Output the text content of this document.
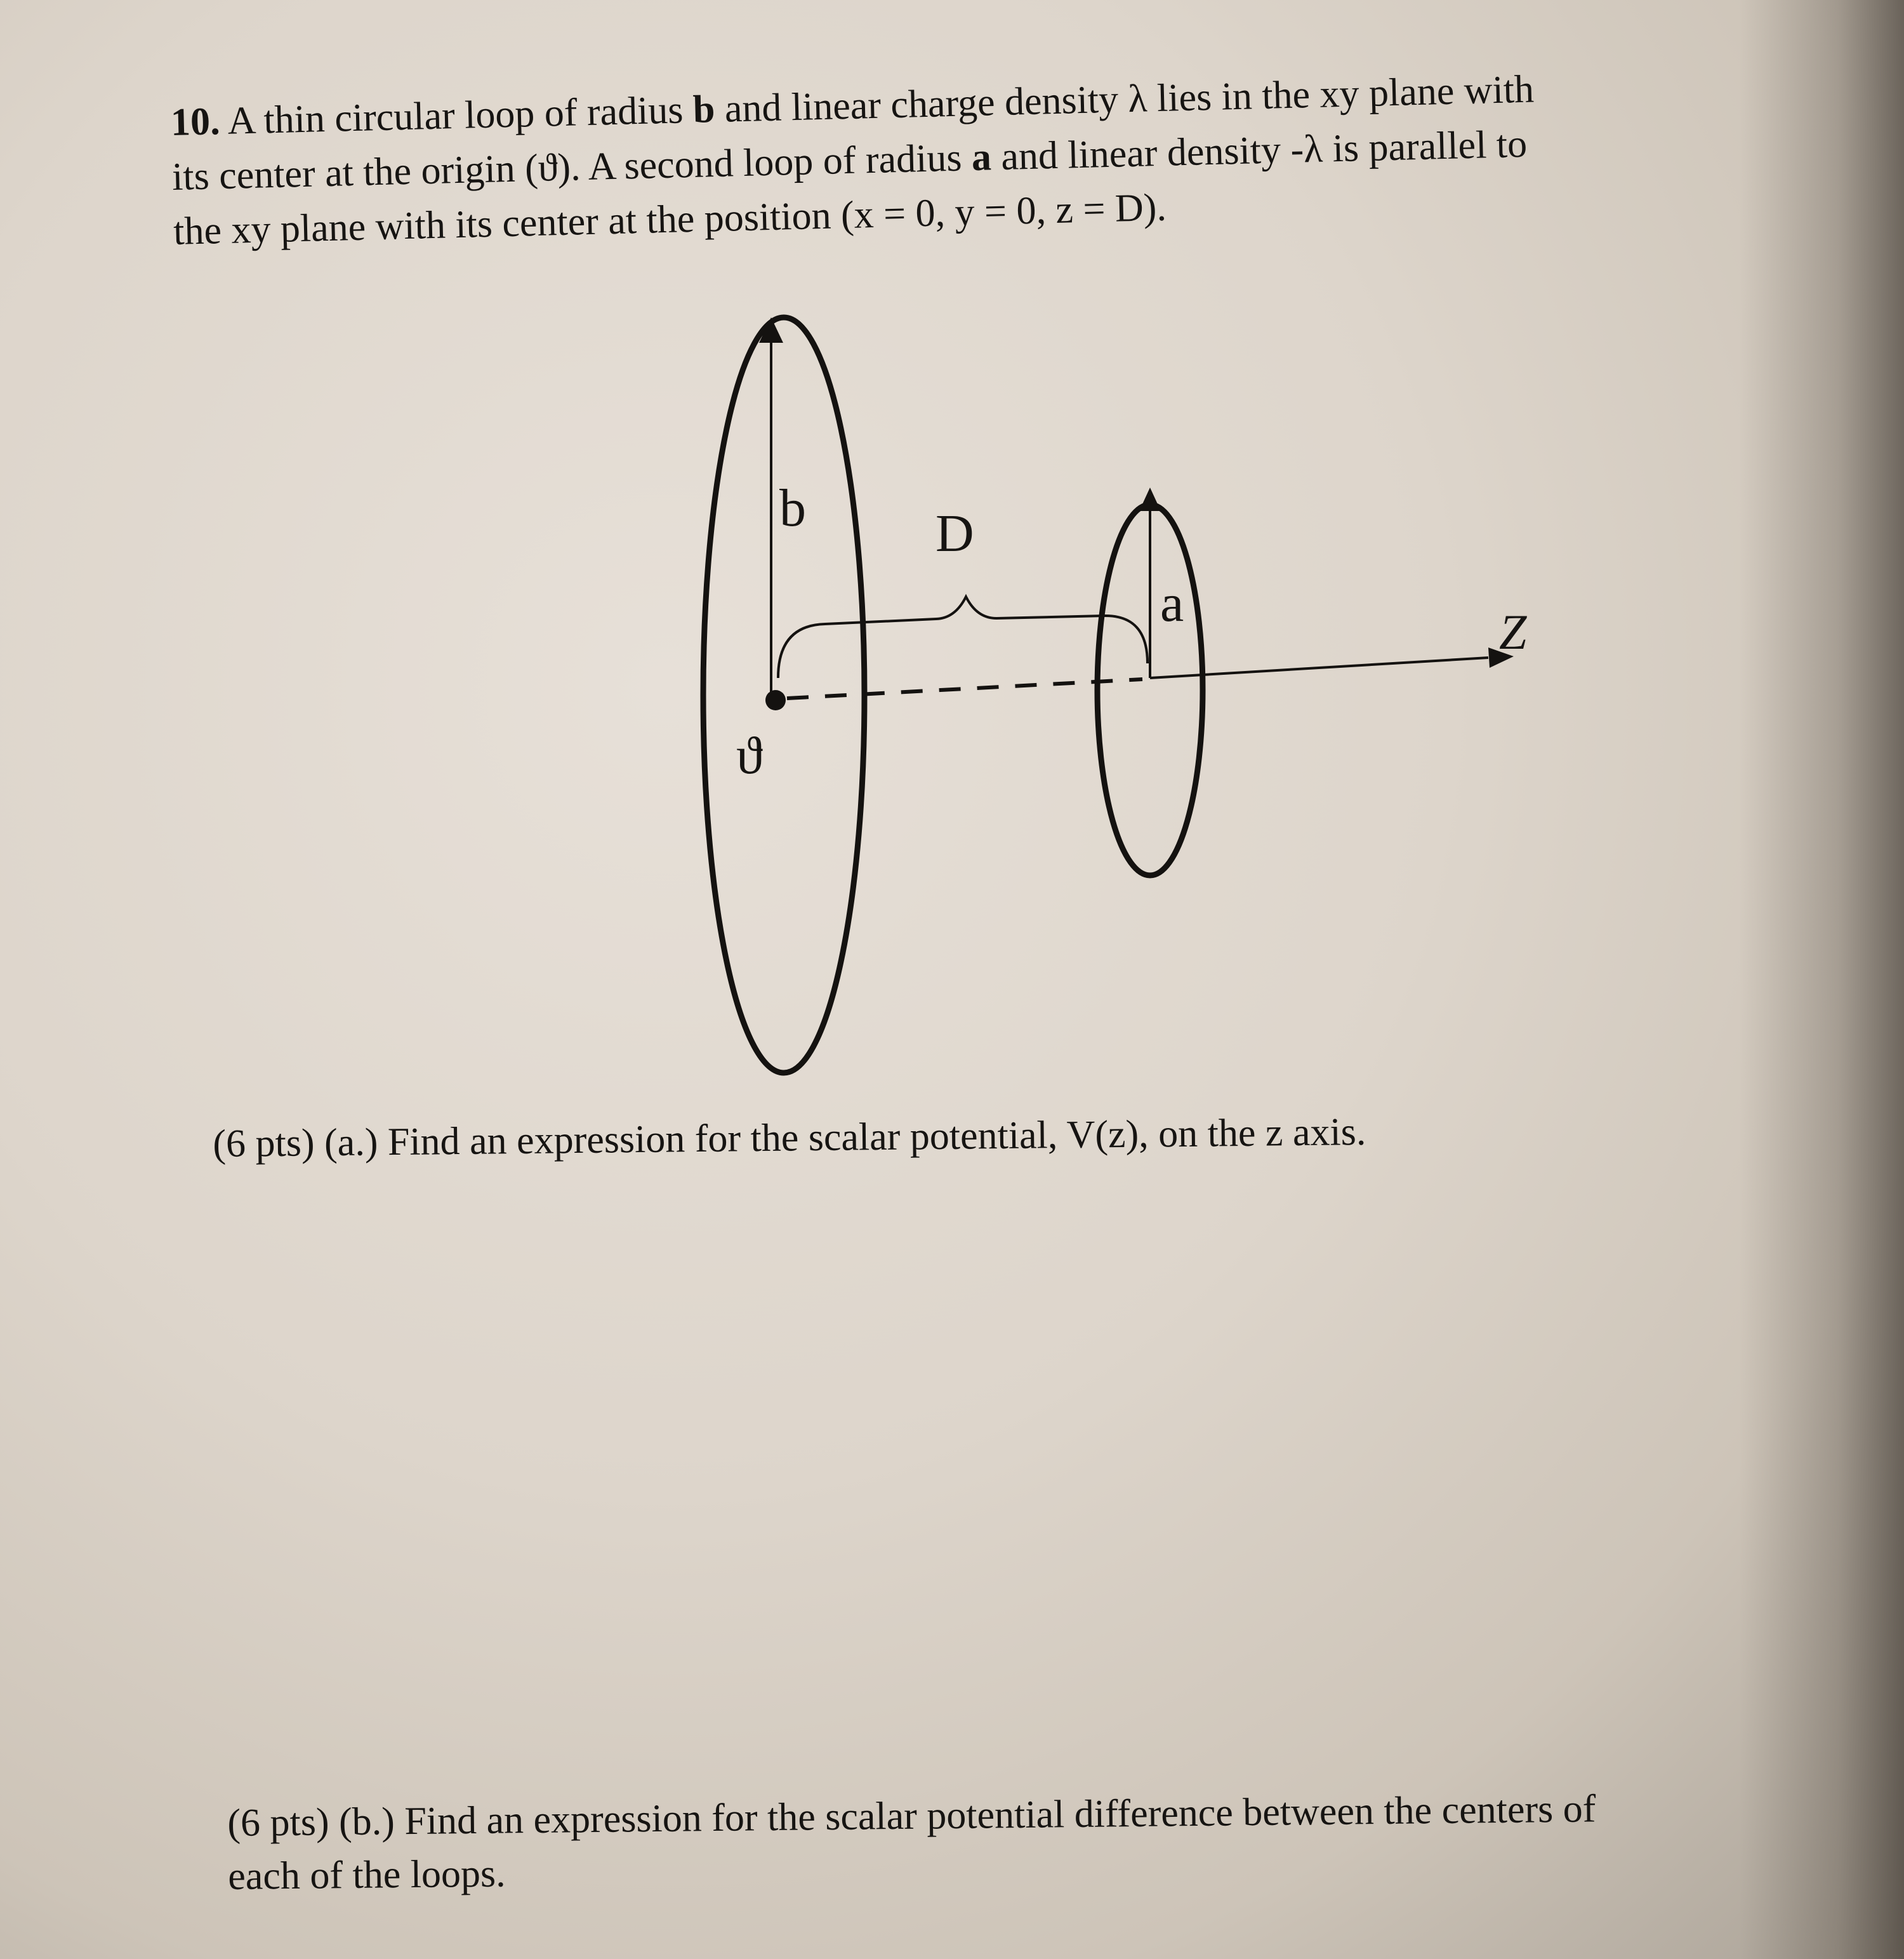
10. A thin circular loop of radius b and linear charge density λ lies in the xy plane with
its center at the origin (ϑ). A second loop of radius a and linear density -λ is parallel to
the xy plane with its center at the position (x = 0, y = 0, z = D).
b D
a	Z
ϑ
(6 pts) (a.) Find an expression for the scalar potential, V(z), on the z axis.
(6 pts) (b.) Find an expression for the scalar potential difference between the centers of
each of the loops.
